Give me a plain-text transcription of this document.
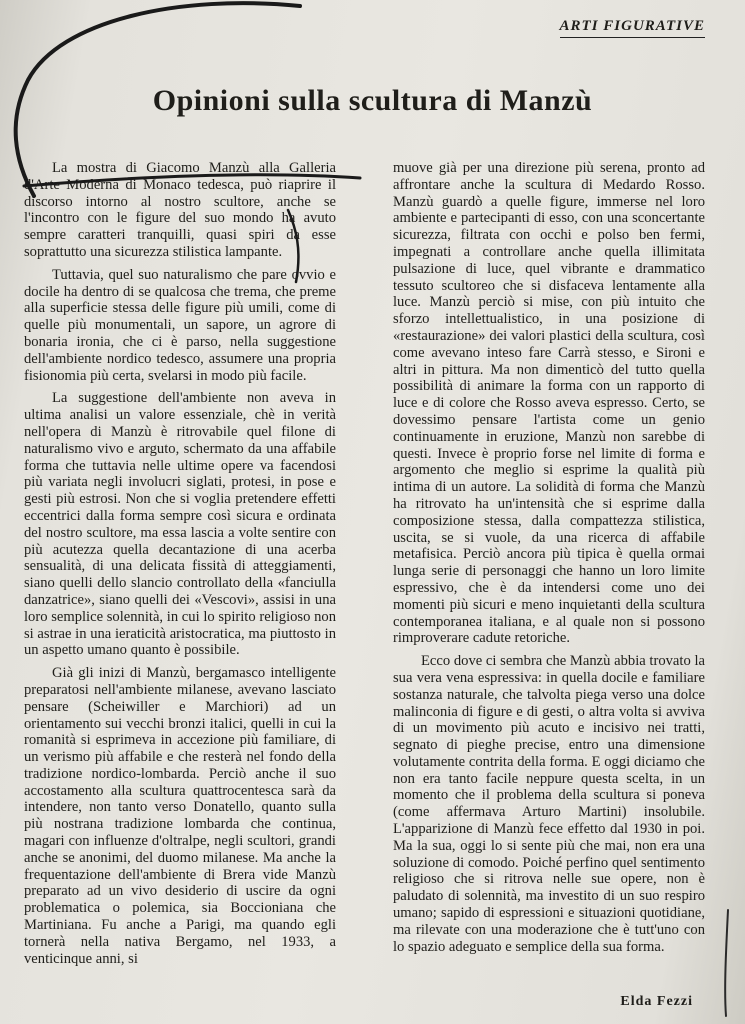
ARTI FIGURATIVE
Opinioni sulla scultura di Manzù

La mostra di Giacomo Manzù alla Galleria d'Arte Moderna di Monaco tedesca, può riaprire il discorso intorno al nostro scultore, anche se l'incontro con le figure del suo mondo ha avuto sempre caratteri tranquilli, quasi spiri da esse soprattutto una sicurezza stilistica lampante.

Tuttavia, quel suo naturalismo che pare ovvio e docile ha dentro di se qualcosa che trema, che preme alla superficie stessa delle figure più umili, come di quelle più monumentali, un sapore, un agrore di bonaria ironia, che ci è parso, nella suggestione dell'ambiente nordico tedesco, assumere una propria fisionomia più certa, svelarsi in modo più facile.

La suggestione dell'ambiente non aveva in ultima analisi un valore essenziale, chè in verità nell'opera di Manzù è ritrovabile quel filone di naturalismo vivo e arguto, schermato da una affabile forma che tuttavia nelle ultime opere va facendosi più variata negli involucri siglati, protesi, in pose e gesti più estrosi. Non che si voglia pretendere effetti eccentrici dalla forma sempre così sicura e ordinata del nostro scultore, ma essa lascia a volte sentire con più acutezza quella decantazione di una acerba sensualità, di una delicata fissità di atteggiamenti, siano quelli dello slancio controllato della «fanciulla danzatrice», siano quelli dei «Vescovi», assisi in una loro semplice solennità, in cui lo spirito religioso non si astrae in una ieraticità aristocratica, ma piuttosto in un aspetto umano quanto è possibile.

Già gli inizi di Manzù, bergamasco intelligente preparatosi nell'ambiente milanese, avevano lasciato pensare (Scheiwiller e Marchiori) ad un orientamento sui vecchi bronzi italici, quelli in cui la romanità si esprimeva in accezione più familiare, di un verismo più affabile e che resterà nel fondo della tradizione nordico-lombarda. Perciò anche il suo accostamento alla scultura quattrocentesca sarà da intendere, non tanto verso Donatello, quanto sulla più nostrana tradizione lombarda che continua, magari con influenze d'oltralpe, negli scultori, grandi anche se anonimi, del duomo milanese. Ma anche la frequentazione dell'ambiente di Brera vide Manzù preparato ad un vivo desiderio di uscire da ogni problematica o polemica, sia Boccioniana che Martiniana. Fu anche a Parigi, ma quando egli tornerà nella nativa Bergamo, nel 1933, a venticinque anni, si

muove già per una direzione più serena, pronto ad affrontare anche la scultura di Medardo Rosso. Manzù guardò a quelle figure, immerse nel loro ambiente e partecipanti di esso, con una sconcertante sicurezza, filtrata con occhi e polso ben fermi, impegnati a controllare anche quella illimitata pulsazione di luce, quel vibrante e drammatico tessuto scultoreo che si disfaceva lentamente alla luce. Manzù perciò si mise, con più intuito che sforzo intellettualistico, in una posizione di «restaurazione» dei valori plastici della scultura, così come avevano inteso fare Carrà stesso, e Sironi e altri in pittura. Ma non dimenticò del tutto quella possibilità di animare la forma con un rapporto di luce e di colore che Rosso aveva espresso. Certo, se dovessimo pensare l'artista come un genio continuamente in eruzione, Manzù non sarebbe di questi. Invece è proprio forse nel limite di forma e argomento che meglio si esprime la qualità più intima di un autore. La solidità di forma che Manzù ha ritrovato ha un'intensità che si esprime dalla composizione stessa, dalla compattezza stilistica, uscita, se si vuole, da una ricerca di affabile metafisica. Perciò ancora più tipica è quella ormai lunga serie di personaggi che hanno un loro limite espressivo, che è da intendersi come uno dei momenti più sicuri e meno inquietanti della scultura contemporanea italiana, e al quale non si possono rimproverare cadute retoriche.

Ecco dove ci sembra che Manzù abbia trovato la sua vera vena espressiva: in quella docile e familiare sostanza naturale, che talvolta piega verso una dolce malinconia di figure e di gesti, o altra volta si avviva di un movimento più acuto e incisivo nei tratti, segnato di pieghe precise, entro una dimensione volutamente contrita della forma. E oggi diciamo che non era tanto facile neppure questa scelta, in un momento che il problema della scultura si poneva (come affermava Arturo Martini) insolubile. L'apparizione di Manzù fece effetto dal 1930 in poi. Ma la sua, oggi lo si sente più che mai, non era una soluzione di comodo. Poiché perfino quel sentimento religioso che si ritrova nelle sue opere, non è paludato di solennità, ma investito di un suo respiro umano; sapido di espressioni e situazioni quotidiane, ma rilevate con una moderazione che è tutt'uno con lo spazio adeguato e semplice della sua forma.

Elda Fezzi
